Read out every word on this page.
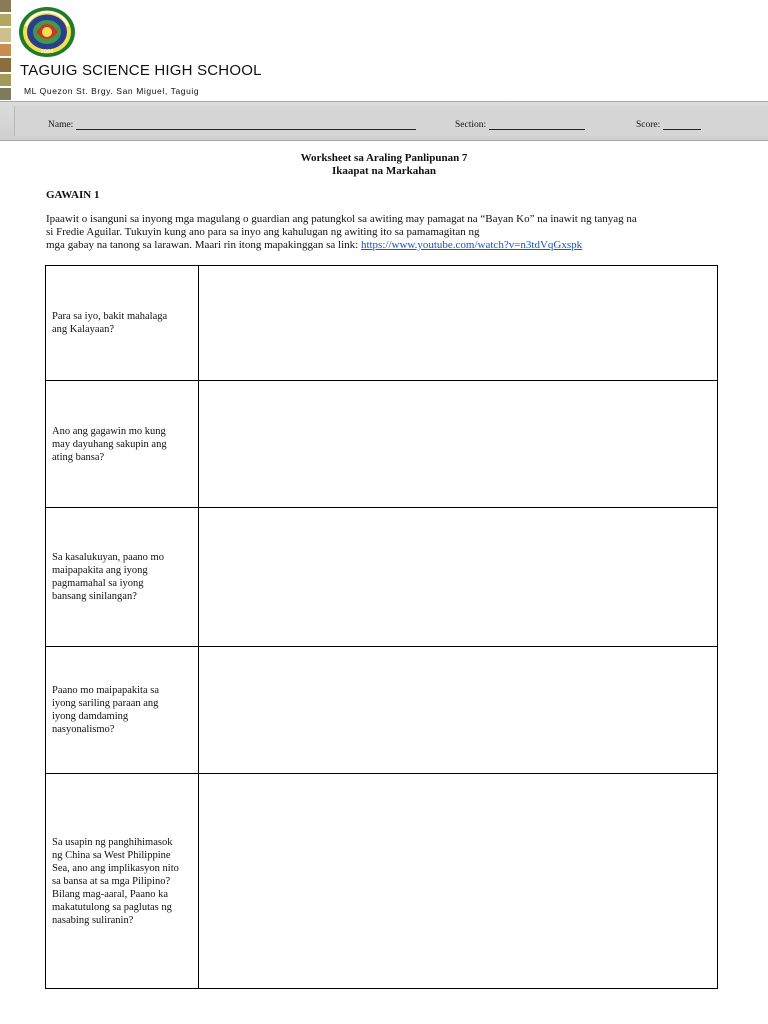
2004
TAGUIG SCIENCE HIGH SCHOOL
ML Quezon St. Brgy. San Miguel, Taguig
Name:	Section:	Score:
Worksheet sa Araling Panlipunan 7
Ikaapat na Markahan
GAWAIN 1
Ipaawit o isanguni sa inyong mga magulang o guardian ang patungkol sa awiting may pamagat na “Bayan Ko” na inawit ng tanyag na
si Fredie Aguilar. Tukuyin kung ano para sa inyo ang kahulugan ng awiting ito sa pamamagitan ng
mga gabay na tanong sa larawan. Maari rin itong mapakinggan sa link: https://www.youtube.com/watch?v=n3tdVqGxspk
Para sa iyo, bakit mahalaga ang Kalayaan?	

Ano ang gagawin mo kung may dayuhang sakupin ang ating bansa?	

Sa kasalukuyan, paano mo maipapakita ang iyong pagmamahal sa iyong bansang sinilangan?	

Paano mo maipapakita sa iyong sariling paraan ang iyong damdaming nasyonalismo?	

Sa usapin ng panghihimasok ng China sa West Philippine Sea, ano ang implikasyon nito sa bansa at sa mga Pilipino? Bilang mag-aaral, Paano ka makatutulong sa paglutas ng nasabing suliranin?	
